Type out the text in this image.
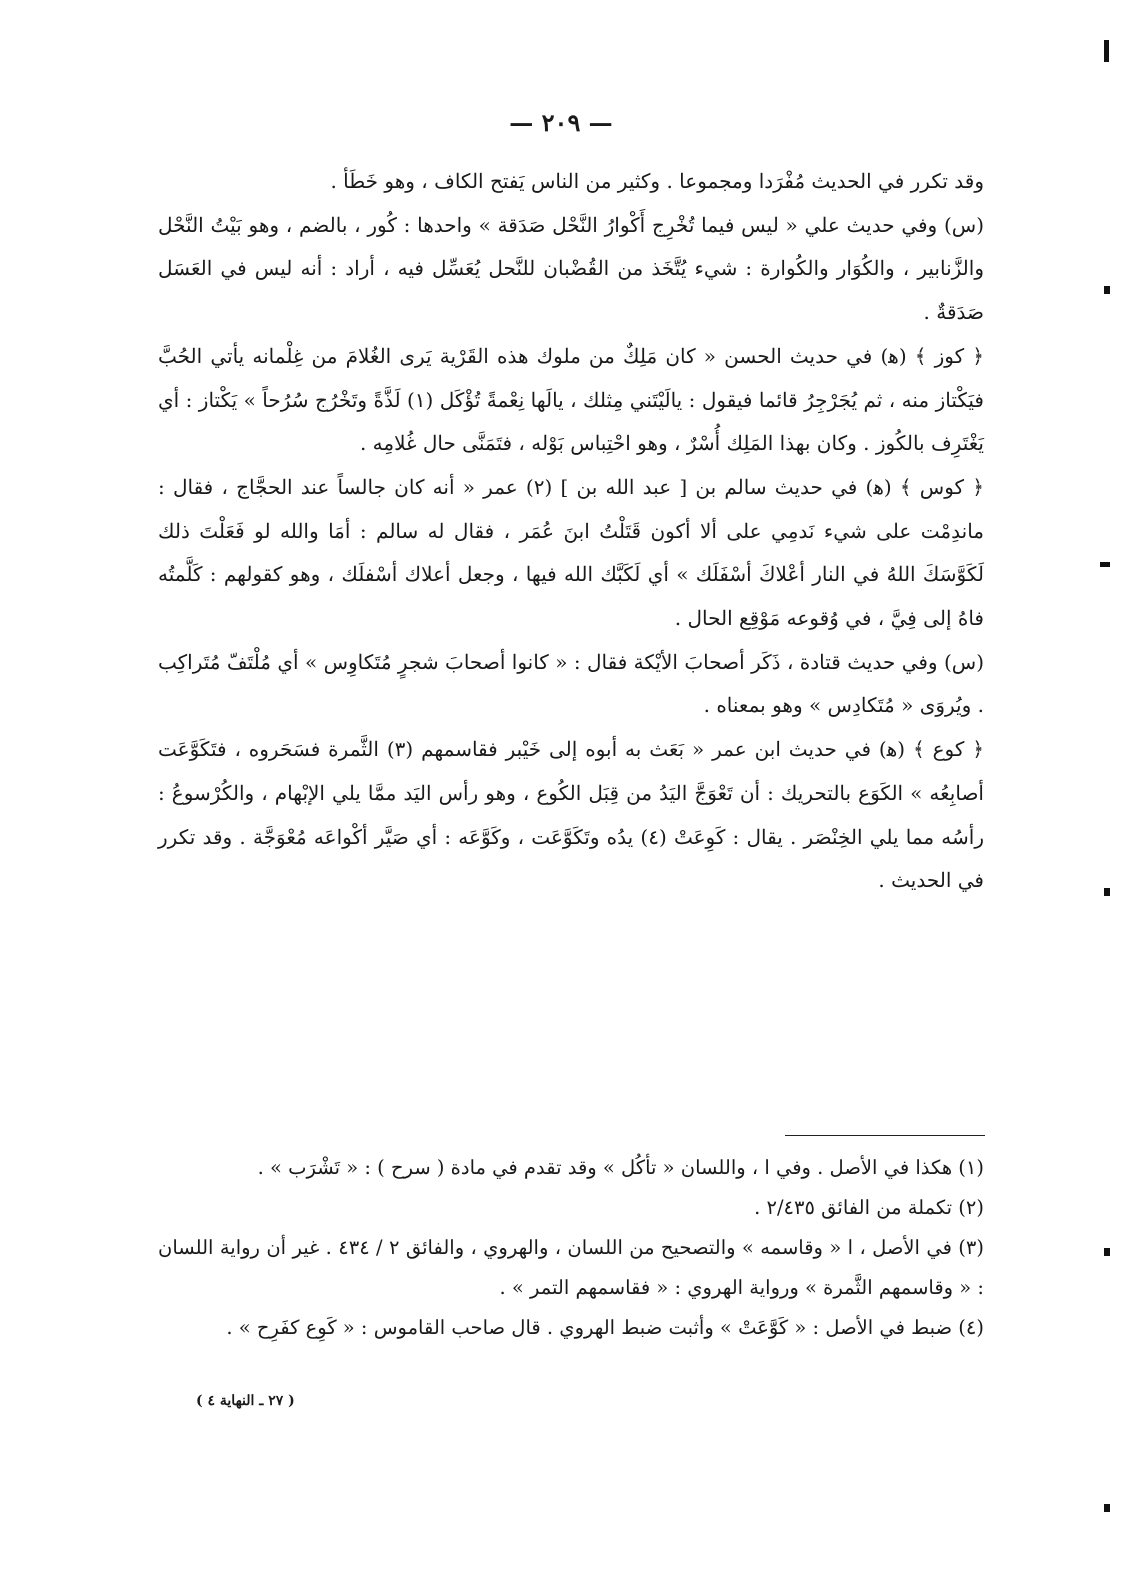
— ٢٠٩ —

وقد تكرر في الحديث مُفْرَدا ومجموعا . وكثير من الناس يَفتح الكاف ، وهو خَطَأ .

(س) وفي حديث علي « ليس فيما تُخْرِج أَكْوارُ النَّحْل صَدَقة » واحدها : كُور ، بالضم ، وهو بَيْتُ النَّحْل والزَّنابير ، والكُوَار والكُوارة : شيء يُتَّخَذ من القُضْبان للنَّحل يُعَسِّل فيه ، أراد : أنه ليس في العَسَل صَدَقةٌ .

﴿ كوز ﴾ (ﻫ) في حديث الحسن « كان مَلِكٌ من ملوك هذه القَرْية يَرى الغُلامَ من غِلْمانه يأتي الحُبَّ فيَكْتاز منه ، ثم يُجَرْجِرُ قائما فيقول : يالَيْتَني مِثلك ، يالَها نِعْمةً تُؤْكَل (١) لَذَّةً وتَخْرُج سُرُحاً » يَكْتاز : أي يَغْتَرِف بالكُوز . وكان بهذا المَلِك أُسْرٌ ، وهو احْتِباس بَوْله ، فتَمَنَّى حال غُلامِه .

﴿ كوس ﴾ (ﻫ) في حديث سالم بن [ عبد الله بن ] (٢) عمر « أنه كان جالساً عند الحجَّاج ، فقال : ماندِمْت على شيء نَدمِي على ألا أكون قَتَلْتُ ابنَ عُمَر ، فقال له سالم : أمَا والله لو فَعَلْتَ ذلك لَكَوَّسَكَ اللهُ في النار أعْلاكَ أسْفَلَك » أي لَكَبَّك الله فيها ، وجعل أعلاك أسْفلَك ، وهو كقولهم : كَلَّمتُه فاهُ إلى فِيَّ ، في وُقوعه مَوْقِع الحال .

(س) وفي حديث قتادة ، ذَكَر أصحابَ الأيْكة فقال : « كانوا أصحابَ شجرٍ مُتَكاوِس » أي مُلْتَفّ مُتَراكِب . ويُروَى « مُتَكادِس » وهو بمعناه .

﴿ كوع ﴾ (ﻫ) في حديث ابن عمر « بَعَث به أبوه إلى خَيْبر فقاسمهم (٣) الثَّمرة فسَحَروه ، فتَكَوَّعَت أصابِعُه » الكَوَع بالتحريك : أن تَعْوَجَّ اليَدُ من قِبَل الكُوع ، وهو رأس اليَد ممَّا يلي الإبْهام ، والكُرْسوعُ : رأسُه مما يلي الخِنْصَر . يقال : كَوِعَتْ (٤) يدُه وتَكَوَّعَت ، وكَوَّعَه : أي صَيَّر أكْواعَه مُعْوَجَّة . وقد تكرر في الحديث .

(١) هكذا في الأصل . وفي ا ، واللسان « تأكُل » وقد تقدم في مادة ( سرح ) : « تَشْرَب » .

(٢) تكملة من الفائق ٢/٤٣٥ .

(٣) في الأصل ، ا « وقاسمه » والتصحيح من اللسان ، والهروي ، والفائق ٢ / ٤٣٤ . غير أن رواية اللسان : « وقاسمهم الثَّمرة » ورواية الهروي : « فقاسمهم التمر » .

(٤) ضبط في الأصل : « كَوَّعَتْ » وأثبت ضبط الهروي . قال صاحب القاموس : « كَوِع كفَرِح » .

( ٢٧ ـ النهاية ٤ )
